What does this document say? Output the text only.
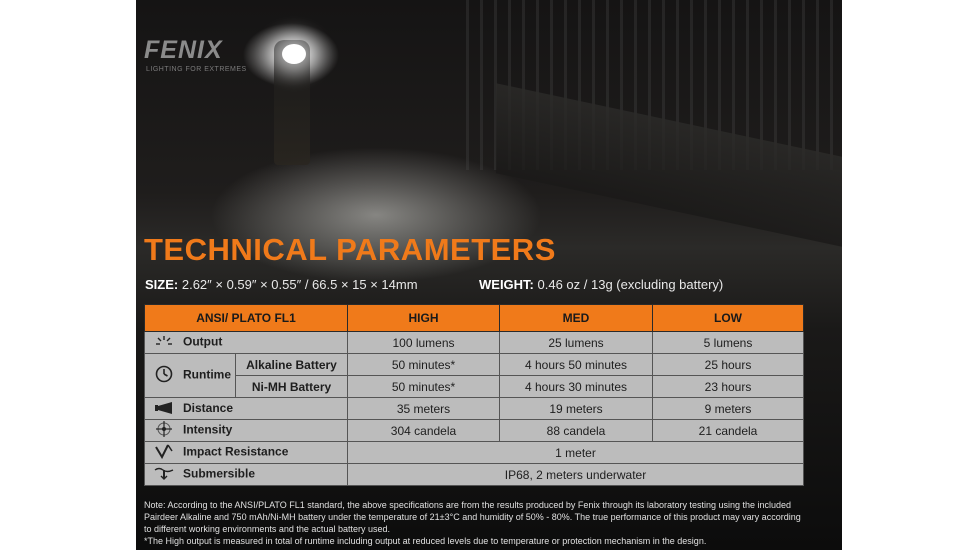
FENIX
LIGHTING FOR EXTREMES
TECHNICAL PARAMETERS
SIZE: 2.62″ × 0.59″ × 0.55″ / 66.5 × 15 × 14mm	WEIGHT: 0.46 oz / 13g (excluding battery)
ANSI/ PLATO FL1		HIGH	MED	LOW
Output		100 lumens	25 lumens	5 lumens
Runtime	Alkaline Battery	50 minutes*	4 hours 50 minutes	25 hours
	Ni-MH Battery	50 minutes*	4 hours 30 minutes	23 hours
Distance		35 meters	19 meters	9 meters
Intensity		304 candela	88 candela	21 candela
Impact Resistance		1 meter		
Submersible		IP68, 2 meters underwater		
Note: According to the ANSI/PLATO FL1 standard, the above specifications are from the results produced by Fenix through its laboratory testing using the included Pairdeer Alkaline and 750 mAh/Ni-MH battery under the temperature of 21±3°C and humidity of 50% - 80%. The true performance of this product may vary according to different working environments and the actual battery used.
*The High output is measured in total of runtime including output at reduced levels due to temperature or protection mechanism in the design.
